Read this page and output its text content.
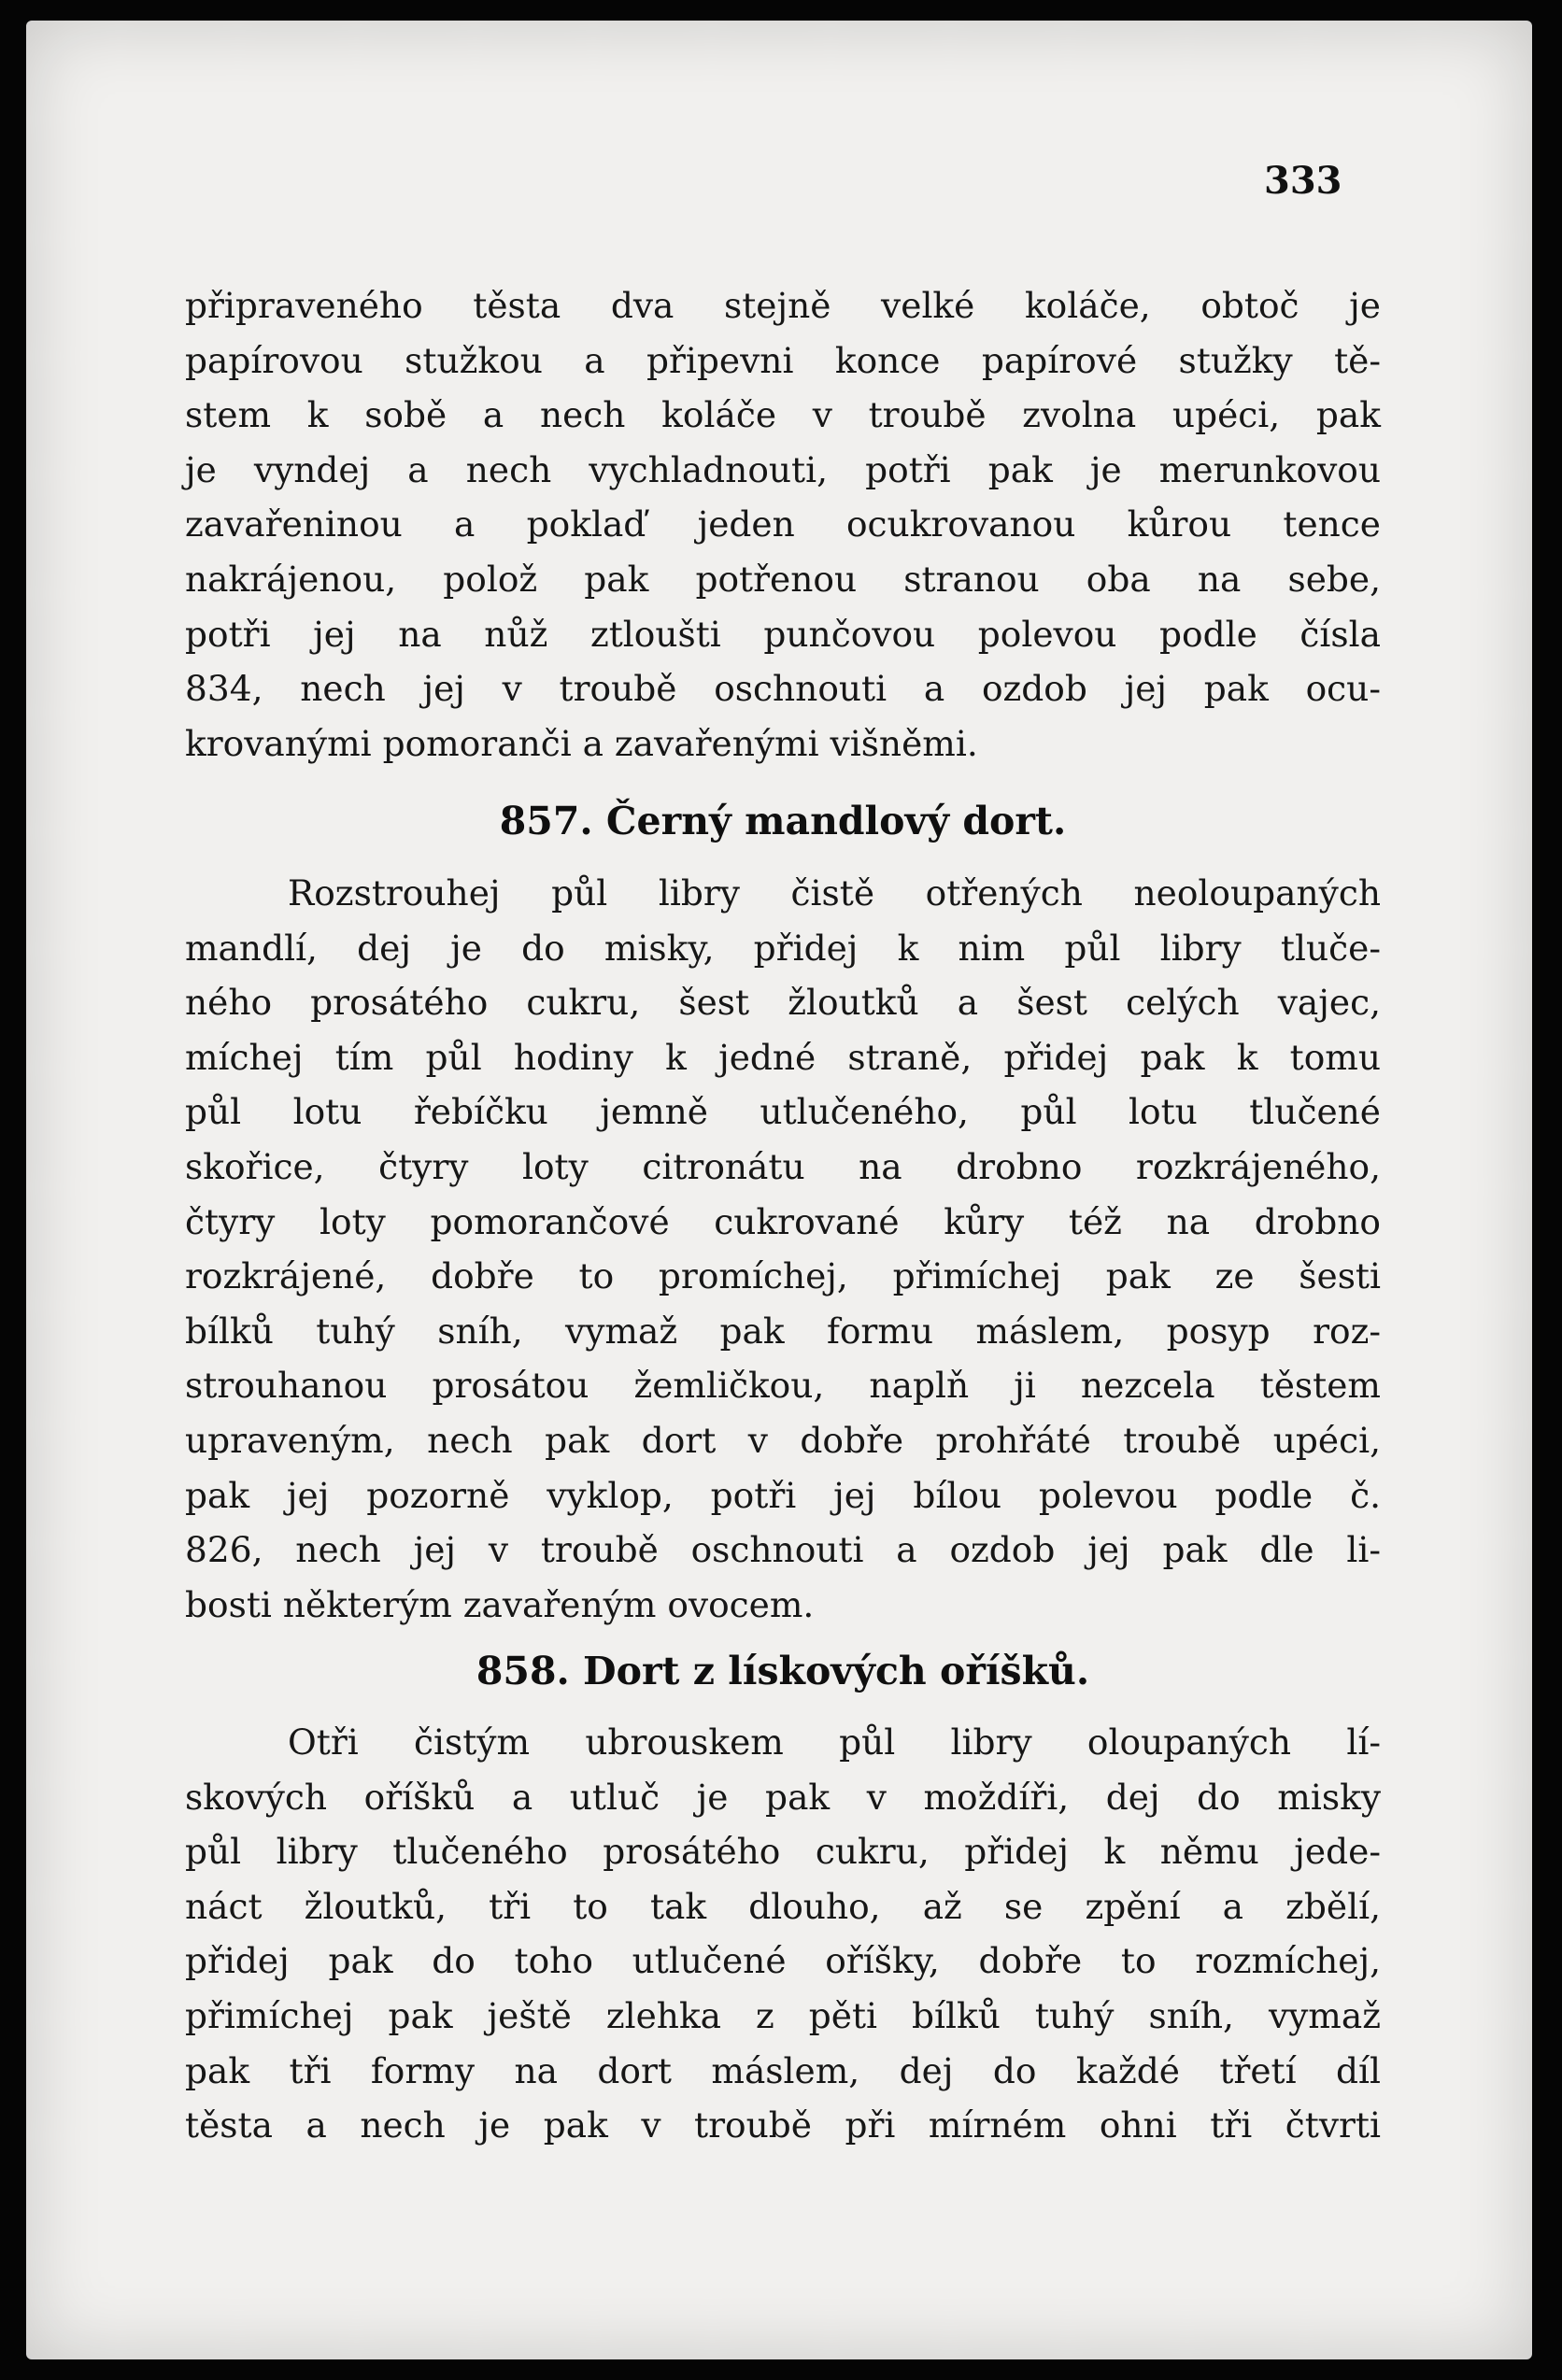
333
připraveného těsta dva stejně velké koláče, obtoč je
papírovou stužkou a připevni konce papírové stužky tě-
stem k sobě a nech koláče v troubě zvolna upéci, pak
je vyndej a nech vychladnouti, potři pak je merunkovou
zavařeninou a poklaď jeden ocukrovanou kůrou tence
nakrájenou, polož pak potřenou stranou oba na sebe,
potři jej na nůž ztloušti punčovou polevou podle čísla
834, nech jej v troubě oschnouti a ozdob jej pak ocu-
krovanými pomoranči a zavařenými višněmi.
857. Černý mandlový dort.
Rozstrouhej půl libry čistě otřených neoloupaných
mandlí, dej je do misky, přidej k nim půl libry tluče-
ného prosátého cukru, šest žloutků a šest celých vajec,
míchej tím půl hodiny k jedné straně, přidej pak k tomu
půl lotu řebíčku jemně utlučeného, půl lotu tlučené
skořice, čtyry loty citronátu na drobno rozkrájeného,
čtyry loty pomorančové cukrované kůry též na drobno
rozkrájené, dobře to promíchej, přimíchej pak ze šesti
bílků tuhý sníh, vymaž pak formu máslem, posyp roz-
strouhanou prosátou žemličkou, naplň ji nezcela těstem
upraveným, nech pak dort v dobře prohřáté troubě upéci,
pak jej pozorně vyklop, potři jej bílou polevou podle č.
826, nech jej v troubě oschnouti a ozdob jej pak dle li-
bosti některým zavařeným ovocem.
858. Dort z lískových oříšků.
Otři čistým ubrouskem půl libry oloupaných lí-
skových oříšků a utluč je pak v moždíři, dej do misky
půl libry tlučeného prosátého cukru, přidej k němu jede-
náct žloutků, tři to tak dlouho, až se zpění a zbělí,
přidej pak do toho utlučené oříšky, dobře to rozmíchej,
přimíchej pak ještě zlehka z pěti bílků tuhý sníh, vymaž
pak tři formy na dort máslem, dej do každé třetí díl
těsta a nech je pak v troubě při mírném ohni tři čtvrti
